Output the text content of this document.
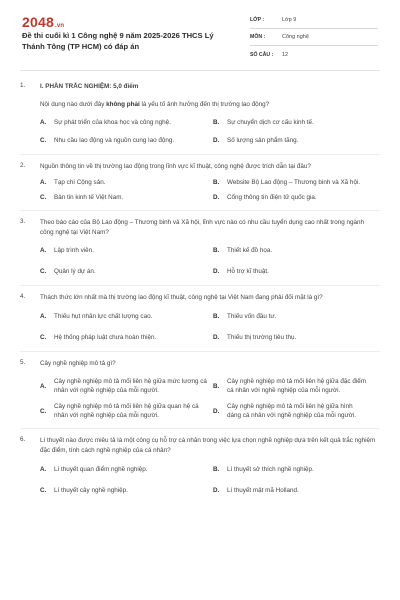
2048.vn
Đề thi cuối kì 1 Công nghệ 9 năm 2025-2026 THCS Lý Thánh Tông (TP HCM) có đáp án
LỚP :	Lớp 9
MÔN :	Công nghệ
SỐ CÂU :	12
1. I. PHẦN TRẮC NGHIỆM: 5,0 điểm
Nội dung nào dưới đây không phải là yếu tố ảnh hưởng đến thị trường lao động?
A.	Sự phát triển của khoa học và công nghệ.	B.	Sự chuyển dịch cơ cấu kinh tế.
C.	Nhu cầu lao động và nguồn cung lao động.	D.	Số lượng sản phẩm tăng.
2. Nguồn thông tin về thị trường lao động trong lĩnh vực kĩ thuật, công nghệ được trích dẫn tại đâu?
A.	Tạp chí Cộng sản.	B.	Website Bộ Lao động – Thương binh và Xã hội.
C.	Bản tin kinh tế Việt Nam.	D.	Cổng thông tin điện tử quốc gia.
3. Theo báo cáo của Bộ Lao động – Thương binh và Xã hội, lĩnh vực nào có nhu cầu tuyển dụng cao nhất trong ngành công nghệ tại Việt Nam?
A.	Lập trình viên.	B.	Thiết kế đồ họa.
C.	Quản lý dự án.	D.	Hỗ trợ kĩ thuật.
4. Thách thức lớn nhất mà thị trường lao động kĩ thuật, công nghệ tại Việt Nam đang phải đối mặt là gì?
A.	Thiếu hụt nhân lực chất lượng cao.	B.	Thiếu vốn đầu tư.
C.	Hệ thống pháp luật chưa hoàn thiện.	D.	Thiếu thị trường tiêu thụ.
5. Cây nghề nghiệp mô tả gì?
A.
Cây nghề nghiệp mô tả mối liên hệ giữa mức lương cá nhân với nghề nghiệp của mỗi người.
B.
Cây nghề nghiệp mô tả mối liên hệ giữa đặc điểm cá nhân với nghề nghiệp của mỗi người.
C.
Cây nghề nghiệp mô tả mối liên hệ giữa quan hệ cá nhân với nghề nghiệp của mỗi người.
D.
Cây nghề nghiệp mô tả mối liên hệ giữa hình dáng cá nhân với nghề nghiệp của mỗi người.
6. Lí thuyết nào được miêu tả là một công cụ hỗ trợ cá nhân trong việc lựa chọn nghề nghiệp dựa trên kết quả trắc nghiệm đặc điểm, tính cách nghề nghiệp của cá nhân?
A.	Lí thuyết quan điểm nghề nghiệp.	B.	Lí thuyết sở thích nghề nghiệp.
C.	Lí thuyết cây nghề nghiệp.	D.	Lí thuyết mật mã Holland.
